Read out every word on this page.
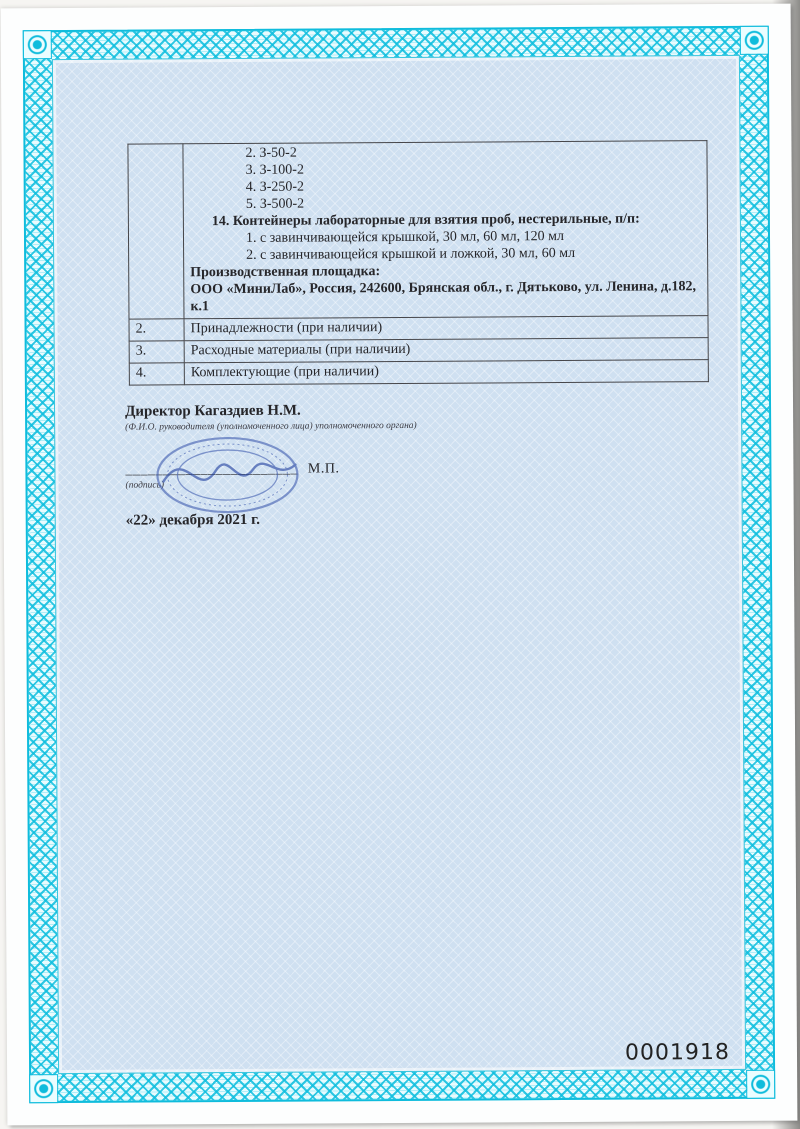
2. З-50-2
3. З-100-2
4. З-250-2
5. З-500-2
14. Контейнеры лабораторные для взятия проб, нестерильные, п/п:
1. с завинчивающейся крышкой, 30 мл, 60 мл, 120 мл
2. с завинчивающейся крышкой и ложкой, 30 мл, 60 мл
Производственная площадка:
ООО «МиниЛаб», Россия, 242600, Брянская обл., г. Дятьково, ул. Ленина, д.182, к.1

2.	Принадлежности (при наличии)
3.	Расходные материалы (при наличии)
4.	Комплектующие (при наличии)
Директор Кагаздиев Н.М.
(Ф.И.О. руководителя (уполномоченного лица) уполномоченного органа)
_______________________ М.П.
(подпись)
«22» декабря 2021 г.
0001918
